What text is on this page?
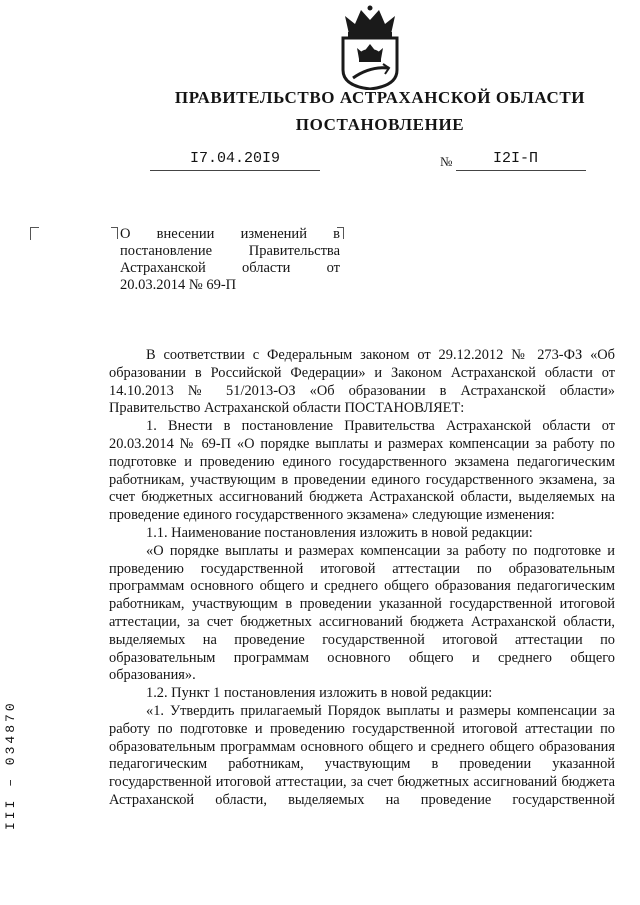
ПРАВИТЕЛЬСТВО АСТРАХАНСКОЙ ОБЛАСТИ
ПОСТАНОВЛЕНИЕ
I7.04.20I9	№	I2I-П
О внесении изменений в постановление Правительства Астраханской области от 20.03.2014 № 69-П

В соответствии с Федеральным законом от 29.12.2012 № 273-ФЗ «Об образовании в Российской Федерации» и Законом Астраханской области от 14.10.2013 № 51/2013-ОЗ «Об образовании в Астраханской области» Правительство Астраханской области ПОСТАНОВЛЯЕТ:

1. Внести в постановление Правительства Астраханской области от 20.03.2014 № 69-П «О порядке выплаты и размерах компенсации за работу по подготовке и проведению единого государственного экзамена педагогическим работникам, участвующим в проведении единого государственного экзамена, за счет бюджетных ассигнований бюджета Астраханской области, выделяемых на проведение единого государственного экзамена» следующие изменения:

1.1. Наименование постановления изложить в новой редакции:

«О порядке выплаты и размерах компенсации за работу по подготовке и проведению государственной итоговой аттестации по образовательным программам основного общего и среднего общего образования педагогическим работникам, участвующим в проведении указанной государственной итоговой аттестации, за счет бюджетных ассигнований бюджета Астраханской области, выделяемых на проведение государственной итоговой аттестации по образовательным программам основного общего и среднего общего образования».

1.2. Пункт 1 постановления изложить в новой редакции:

«1. Утвердить прилагаемый Порядок выплаты и размеры компенсации за работу по подготовке и проведению государственной итоговой аттестации по образовательным программам основного общего и среднего общего образования педагогическим работникам, участвующим в проведении указанной государственной итоговой аттестации, за счет бюджетных ассигнований бюджета Астраханской области, выделяемых на проведение государственной

III – 034870
